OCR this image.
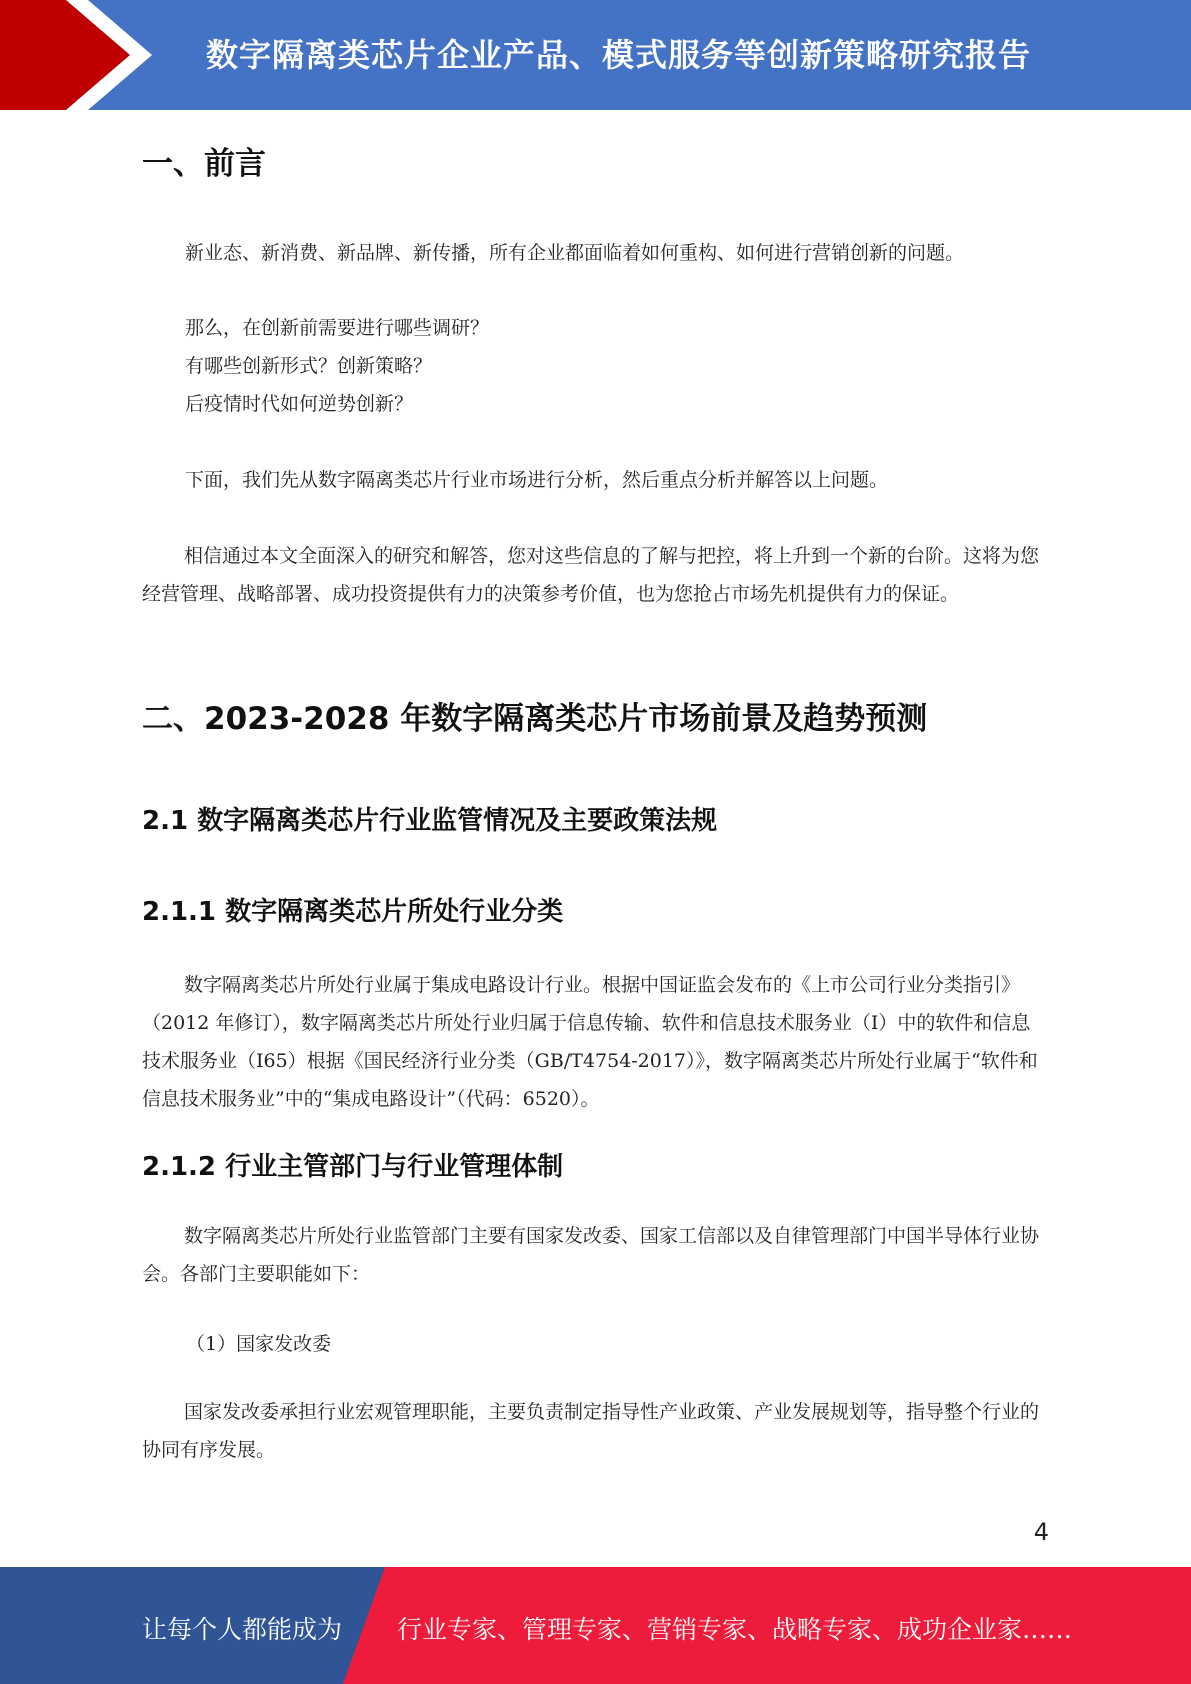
数字隔离类芯片企业产品、模式服务等创新策略研究报告
一、前言
新业态、新消费、新品牌、新传播，所有企业都面临着如何重构、如何进行营销创新的问题。
那么，在创新前需要进行哪些调研？
有哪些创新形式？创新策略？
后疫情时代如何逆势创新？
下面，我们先从数字隔离类芯片行业市场进行分析，然后重点分析并解答以上问题。
相信通过本文全面深入的研究和解答，您对这些信息的了解与把控，将上升到一个新的台阶。这将为您经营管理、战略部署、成功投资提供有力的决策参考价值，也为您抢占市场先机提供有力的保证。
二、2023-2028 年数字隔离类芯片市场前景及趋势预测
2.1 数字隔离类芯片行业监管情况及主要政策法规
2.1.1 数字隔离类芯片所处行业分类
数字隔离类芯片所处行业属于集成电路设计行业。根据中国证监会发布的《上市公司行业分类指引》（2012 年修订），数字隔离类芯片所处行业归属于信息传输、软件和信息技术服务业（I）中的软件和信息技术服务业（I65）根据《国民经济行业分类（GB/T4754-2017）》，数字隔离类芯片所处行业属于“软件和信息技术服务业”中的“集成电路设计”（代码：6520）。
2.1.2 行业主管部门与行业管理体制
数字隔离类芯片所处行业监管部门主要有国家发改委、国家工信部以及自律管理部门中国半导体行业协会。各部门主要职能如下：
（1）国家发改委
国家发改委承担行业宏观管理职能，主要负责制定指导性产业政策、产业发展规划等，指导整个行业的协同有序发展。
4
让每个人都能成为 行业专家、管理专家、营销专家、战略专家、成功企业家……
